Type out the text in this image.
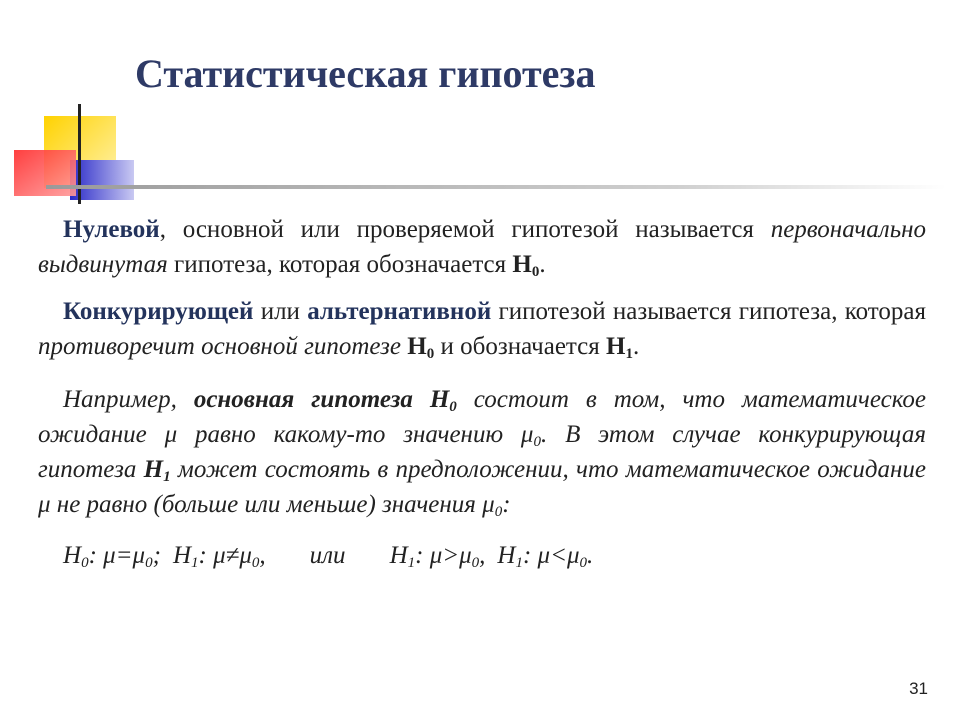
Статистическая гипотеза

Нулевой, основной или проверяемой гипотезой называется первоначально выдвинутая гипотеза, которая обозначается $H_0$.

Конкурирующей или альтернативной гипотезой называется гипотеза, которая противоречит основной гипотезе $H_0$ и обозначается $H_1$.

Например, основная гипотеза $H_0$ состоит в том, что математическое ожидание μ равно какому-то значению $\mu_0$. В этом случае конкурирующая гипотеза $H_1$ может состоять в предположении, что математическое ожидание μ не равно (больше или меньше) значения $\mu_0$:

$H_0$: $\mu=\mu_0$; $H_1$: $\mu\ne\mu_0$, или $H_1$: $\mu>\mu_0$, $H_1$: $\mu<\mu_0$.

31
